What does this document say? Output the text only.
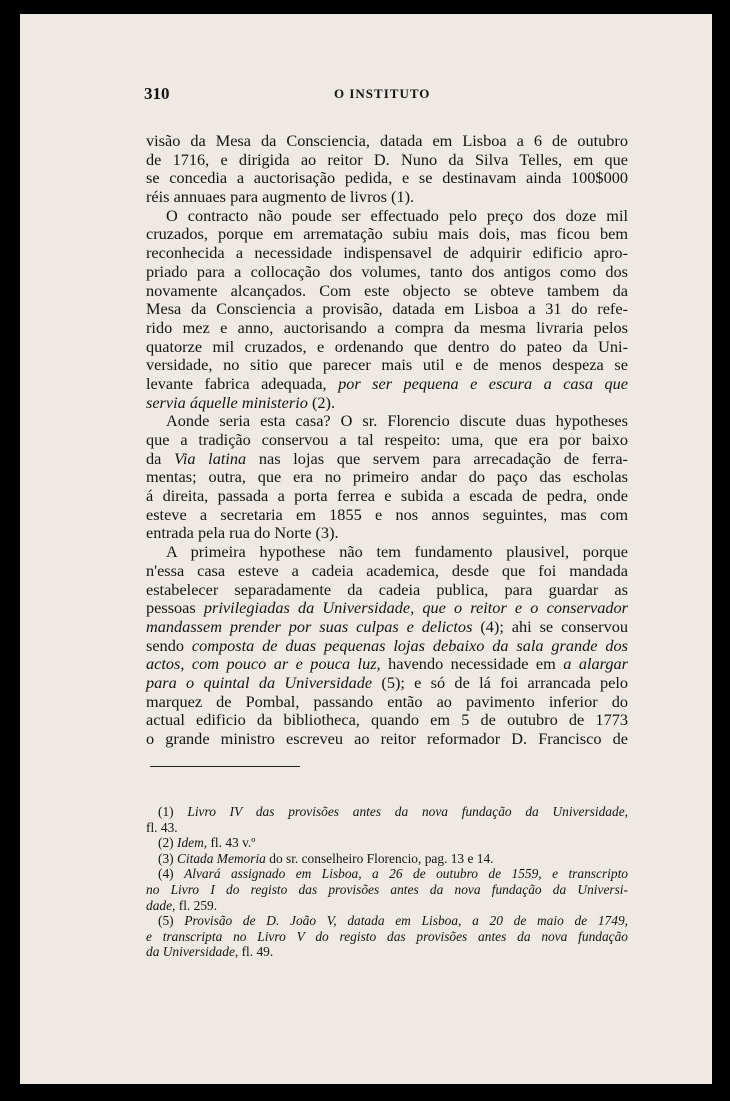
310	O INSTITUTO
visão da Mesa da Consciencia, datada em Lisboa a 6 de outubro
de 1716, e dirigida ao reitor D. Nuno da Silva Telles, em que
se concedia a auctorisação pedida, e se destinavam ainda 100$000
réis annuaes para augmento de livros (1).
O contracto não poude ser effectuado pelo preço dos doze mil
cruzados, porque em arrematação subiu mais dois, mas ficou bem
reconhecida a necessidade indispensavel de adquirir edificio apro-
priado para a collocação dos volumes, tanto dos antigos como dos
novamente alcançados. Com este objecto se obteve tambem da
Mesa da Consciencia a provisão, datada em Lisboa a 31 do refe-
rido mez e anno, auctorisando a compra da mesma livraria pelos
quatorze mil cruzados, e ordenando que dentro do pateo da Uni-
versidade, no sitio que parecer mais util e de menos despeza se
levante fabrica adequada, por ser pequena e escura a casa que
servia áquelle ministerio (2).
Aonde seria esta casa? O sr. Florencio discute duas hypotheses
que a tradição conservou a tal respeito: uma, que era por baixo
da Via latina nas lojas que servem para arrecadação de ferra-
mentas; outra, que era no primeiro andar do paço das escholas
á direita, passada a porta ferrea e subida a escada de pedra, onde
esteve a secretaria em 1855 e nos annos seguintes, mas com
entrada pela rua do Norte (3).
A primeira hypothese não tem fundamento plausivel, porque
n'essa casa esteve a cadeia academica, desde que foi mandada
estabelecer separadamente da cadeia publica, para guardar as
pessoas privilegiadas da Universidade, que o reitor e o conservador
mandassem prender por suas culpas e delictos (4); ahi se conservou
sendo composta de duas pequenas lojas debaixo da sala grande dos
actos, com pouco ar e pouca luz, havendo necessidade em a alargar
para o quintal da Universidade (5); e só de lá foi arrancada pelo
marquez de Pombal, passando então ao pavimento inferior do
actual edificio da bibliotheca, quando em 5 de outubro de 1773
o grande ministro escreveu ao reitor reformador D. Francisco de
(1) Livro IV das provisões antes da nova fundação da Universidade,
fl. 43.
(2) Idem, fl. 43 v.º
(3) Citada Memoria do sr. conselheiro Florencio, pag. 13 e 14.
(4) Alvará assignado em Lisboa, a 26 de outubro de 1559, e transcripto
no Livro I do registo das provisões antes da nova fundação da Universi-
dade, fl. 259.
(5) Provisão de D. João V, datada em Lisboa, a 20 de maio de 1749,
e transcripta no Livro V do registo das provisões antes da nova fundação
da Universidade, fl. 49.
